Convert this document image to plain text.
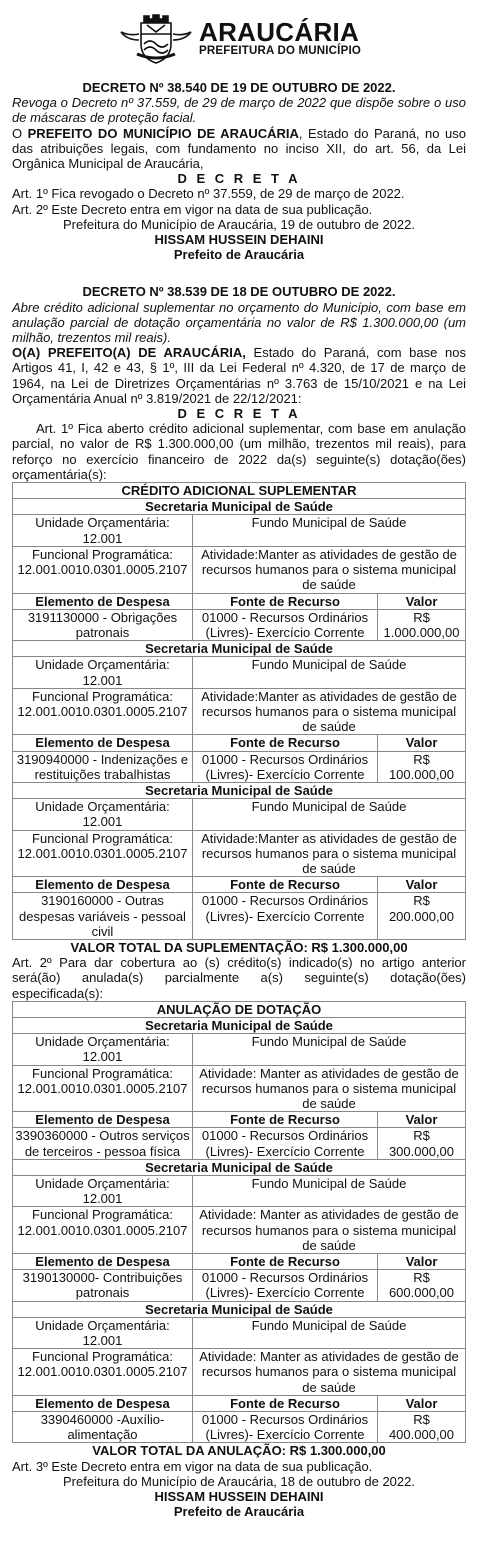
ARAUCÁRIA
PREFEITURA DO MUNICÍPIO

DECRETO Nº 38.540 DE 19 DE OUTUBRO DE 2022.

Revoga o Decreto nº 37.559, de 29 de março de 2022 que dispõe sobre o uso de máscaras de proteção facial.

O PREFEITO DO MUNICÍPIO DE ARAUCÁRIA, Estado do Paraná, no uso das atribuições legais, com fundamento no inciso XII, do art. 56, da Lei Orgânica Municipal de Araucária,

D E C R E T A

Art. 1º Fica revogado o Decreto nº 37.559, de 29 de março de 2022.

Art. 2º Este Decreto entra em vigor na data de sua publicação.

Prefeitura do Município de Araucária, 19 de outubro de 2022.

HISSAM HUSSEIN DEHAINI

Prefeito de Araucária

DECRETO Nº 38.539 DE 18 DE OUTUBRO DE 2022.

Abre crédito adicional suplementar no orçamento do Município, com base em anulação parcial de dotação orçamentária no valor de R$ 1.300.000,00 (um milhão, trezentos mil reais).

O(A) PREFEITO(A) DE ARAUCÁRIA, Estado do Paraná, com base nos Artigos 41, I, 42 e 43, § 1º, III da Lei Federal nº 4.320, de 17 de março de 1964, na Lei de Diretrizes Orçamentárias nº 3.763 de 15/10/2021 e na Lei Orçamentária Anual nº 3.819/2021 de 22/12/2021:

D E C R E T A

Art. 1º Fica aberto crédito adicional suplementar, com base em anulação parcial, no valor de R$ 1.300.000,00 (um milhão, trezentos mil reais), para reforço no exercício financeiro de 2022 da(s) seguinte(s) dotação(ões) orçamentária(s):

CRÉDITO ADICIONAL SUPLEMENTAR		
Secretaria Municipal de Saúde		
Unidade Orçamentária: 12.001	Fundo Municipal de Saúde	
Funcional Programática: 12.001.0010.0301.0005.2107	Atividade:Manter as atividades de gestão de recursos humanos para o sistema municipal de saúde	
Elemento de Despesa	Fonte de Recurso	Valor
3191130000 - Obrigações patronais	01000 - Recursos Ordinários (Livres)- Exercício Corrente	R$ 1.000.000,00
Secretaria Municipal de Saúde		
Unidade Orçamentária: 12.001	Fundo Municipal de Saúde	
Funcional Programática: 12.001.0010.0301.0005.2107	Atividade:Manter as atividades de gestão de recursos humanos para o sistema municipal de saúde	
Elemento de Despesa	Fonte de Recurso	Valor
3190940000 - Indenizações e restituições trabalhistas	01000 - Recursos Ordinários (Livres)- Exercício Corrente	R$ 100.000,00
Secretaria Municipal de Saúde		
Unidade Orçamentária: 12.001	Fundo Municipal de Saúde	
Funcional Programática: 12.001.0010.0301.0005.2107	Atividade:Manter as atividades de gestão de recursos humanos para o sistema municipal de saúde	
Elemento de Despesa	Fonte de Recurso	Valor
3190160000 - Outras despesas variáveis - pessoal civil	01000 - Recursos Ordinários (Livres)- Exercício Corrente	R$ 200.000,00

VALOR TOTAL DA SUPLEMENTAÇÃO: R$ 1.300.000,00

Art. 2º Para dar cobertura ao (s) crédito(s) indicado(s) no artigo anterior será(ão) anulada(s) parcialmente a(s) seguinte(s) dotação(ões) especificada(s):

ANULAÇÃO DE DOTAÇÃO		
Secretaria Municipal de Saúde		
Unidade Orçamentária: 12.001	Fundo Municipal de Saúde	
Funcional Programática: 12.001.0010.0301.0005.2107	Atividade: Manter as atividades de gestão de recursos humanos para o sistema municipal de saúde	
Elemento de Despesa	Fonte de Recurso	Valor
3390360000 - Outros serviços de terceiros - pessoa física	01000 - Recursos Ordinários (Livres)- Exercício Corrente	R$ 300.000,00
Secretaria Municipal de Saúde		
Unidade Orçamentária: 12.001	Fundo Municipal de Saúde	
Funcional Programática: 12.001.0010.0301.0005.2107	Atividade: Manter as atividades de gestão de recursos humanos para o sistema municipal de saúde	
Elemento de Despesa	Fonte de Recurso	Valor
3190130000- Contribuições patronais	01000 - Recursos Ordinários (Livres)- Exercício Corrente	R$ 600.000,00
Secretaria Municipal de Saúde		
Unidade Orçamentária: 12.001	Fundo Municipal de Saúde	
Funcional Programática: 12.001.0010.0301.0005.2107	Atividade: Manter as atividades de gestão de recursos humanos para o sistema municipal de saúde	
Elemento de Despesa	Fonte de Recurso	Valor
3390460000 -Auxílio-alimentação	01000 - Recursos Ordinários (Livres)- Exercício Corrente	R$ 400.000,00

VALOR TOTAL DA ANULAÇÃO: R$ 1.300.000,00

Art. 3º Este Decreto entra em vigor na data de sua publicação.

Prefeitura do Município de Araucária, 18 de outubro de 2022.

HISSAM HUSSEIN DEHAINI

Prefeito de Araucária
